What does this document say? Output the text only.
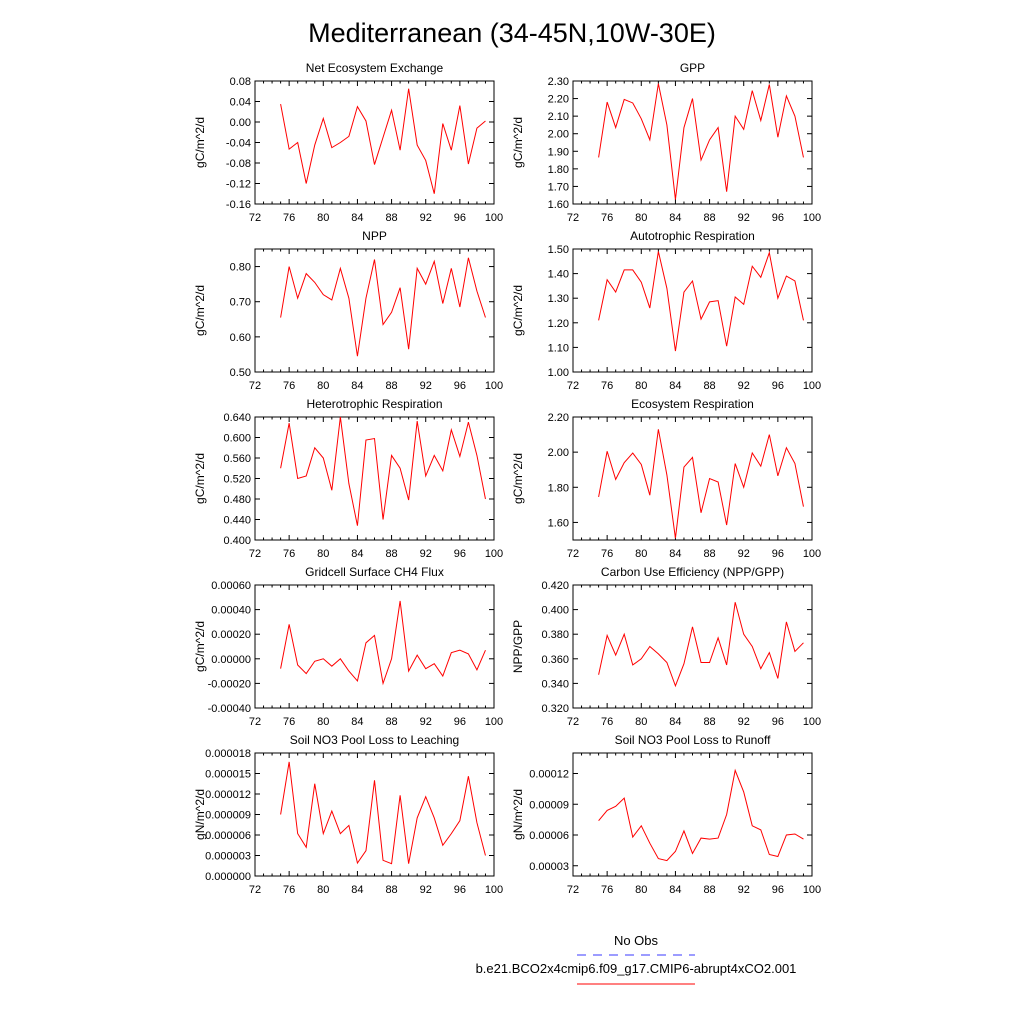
Mediterranean (34-45N,10W-30E)
Net Ecosystem Exchange
gC/m^2/d
72 76 80 84 88 92 96 100
-0.16
-0.12
-0.08
-0.04
0.00
0.04
0.08
GPP
gC/m^2/d
72 76 80 84 88 92 96 100
1.60
1.70
1.80
1.90
2.00
2.10
2.20
2.30
NPP
gC/m^2/d
72 76 80 84 88 92 96 100
0.50
0.60
0.70
0.80
Autotrophic Respiration
gC/m^2/d
72 76 80 84 88 92 96 100
1.00
1.10
1.20
1.30
1.40
1.50
Heterotrophic Respiration
gC/m^2/d
72 76 80 84 88 92 96 100
0.400
0.440
0.480
0.520
0.560
0.600
0.640
Ecosystem Respiration
gC/m^2/d
72 76 80 84 88 92 96 100
1.60
1.80
2.00
2.20
Gridcell Surface CH4 Flux
gC/m^2/d
72 76 80 84 88 92 96 100
-0.00040
-0.00020
0.00000
0.00020
0.00040
0.00060
Carbon Use Efficiency (NPP/GPP)
NPP/GPP
72 76 80 84 88 92 96 100
0.320
0.340
0.360
0.380
0.400
0.420
Soil NO3 Pool Loss to Leaching
gN/m^2/d
72 76 80 84 88 92 96 100
0.000000
0.000003
0.000006
0.000009
0.000012
0.000015
0.000018
Soil NO3 Pool Loss to Runoff
gN/m^2/d
72 76 80 84 88 92 96 100
0.00003
0.00006
0.00009
0.00012
No Obs
b.e21.BCO2x4cmip6.f09_g17.CMIP6-abrupt4xCO2.001
